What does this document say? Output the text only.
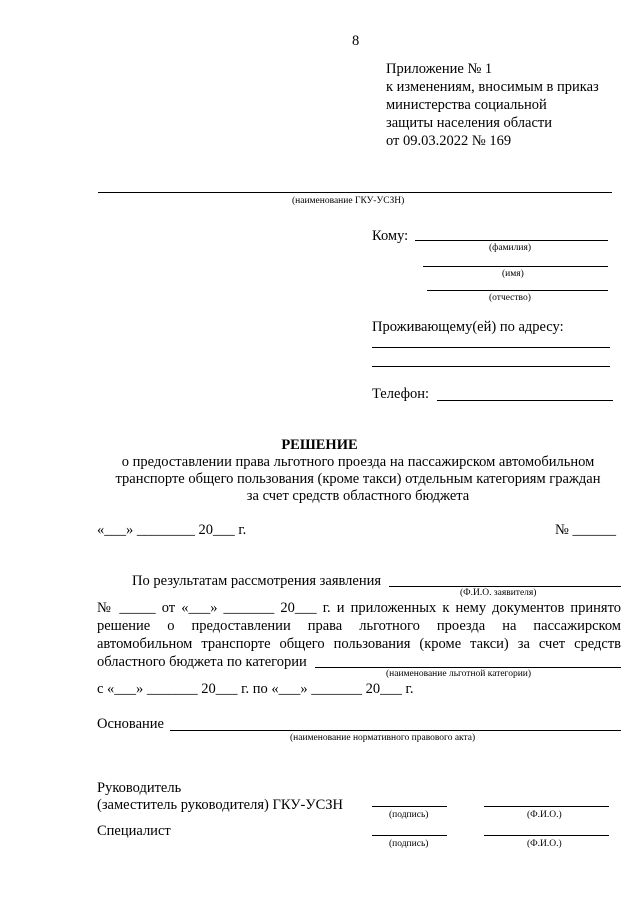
8
Приложение № 1
к изменениям, вносимым в приказ
министерства социальной
защиты населения области
от 09.03.2022 № 169
(наименование ГКУ-УСЗН)
Кому:
(фамилия)
(имя)
(отчество)
Проживающему(ей) по адресу:
Телефон:
РЕШЕНИЕ
о предоставлении права льготного проезда на пассажирском автомобильном
транспорте общего пользования (кроме такси) отдельным категориям граждан
за счет средств областного бюджета
«___» ________ 20___ г.	№ ______
По результатам рассмотрения заявления
(Ф.И.О. заявителя)
№ _____ от «___» _______ 20___ г. и приложенных к нему документов принято
решение о предоставлении права льготного проезда на пассажирском
автомобильном транспорте общего пользования (кроме такси) за счет средств
областного бюджета по категории
(наименование льготной категории)
с «___» _______ 20___ г. по «___» _______ 20___ г.
Основание
(наименование нормативного правового акта)
Руководитель
(заместитель руководителя) ГКУ-УСЗН
(подпись)	(Ф.И.О.)
Специалист
(подпись)	(Ф.И.О.)
